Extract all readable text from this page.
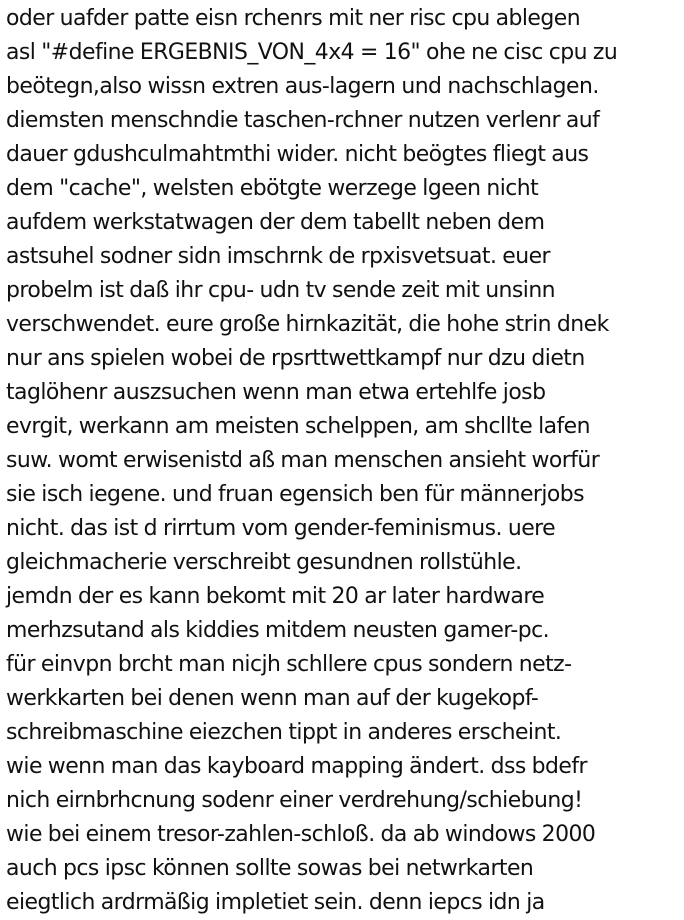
oder uafder patte eisn rchenrs mit ner risc cpu ablegen
asl "#define ERGEBNIS_VON_4x4 = 16" ohe ne cisc cpu zu
beötegn,also wissn extren aus-lagern und nachschlagen.
diemsten menschndie taschen-rchner nutzen verlenr auf
dauer gdushculmahtmthi wider. nicht beögtes fliegt aus
dem "cache", welsten ebötgte werzege lgeen nicht
aufdem werkstatwagen der dem tabellt neben dem
astsuhel sodner sidn imschrnk de rpxisvetsuat. euer
probelm ist daß ihr cpu- udn tv sende zeit mit unsinn
verschwendet. eure große hirnkazität, die hohe strin dnek
nur ans spielen wobei de rpsrttwettkampf nur dzu dietn
taglöhenr auszsuchen wenn man etwa ertehlfe josb
evrgit, werkann am meisten schelppen, am shcllte lafen
suw. womt erwisenistd aß man menschen ansieht worfür
sie isch iegene. und fruan egensich ben für männerjobs
nicht. das ist d rirrtum vom gender-feminismus. uere
gleichmacherie verschreibt gesundnen rollstühle.
jemdn der es kann bekomt mit 20 ar later hardware
merhzsutand als kiddies mitdem neusten gamer-pc.
für einvpn brcht man nicjh schllere cpus sondern netz-
werkkarten bei denen wenn man auf der kugekopf-
schreibmaschine eiezchen tippt in anderes erscheint.
wie wenn man das kayboard mapping ändert. dss bdefr
nich eirnbrhcnung sodenr einer verdrehung/schiebung!
wie bei einem tresor-zahlen-schloß. da ab windows 2000
auch pcs ipsc können sollte sowas bei netwrkarten
eiegtlich ardrmäßig impletiet sein. denn iepcs idn ja
